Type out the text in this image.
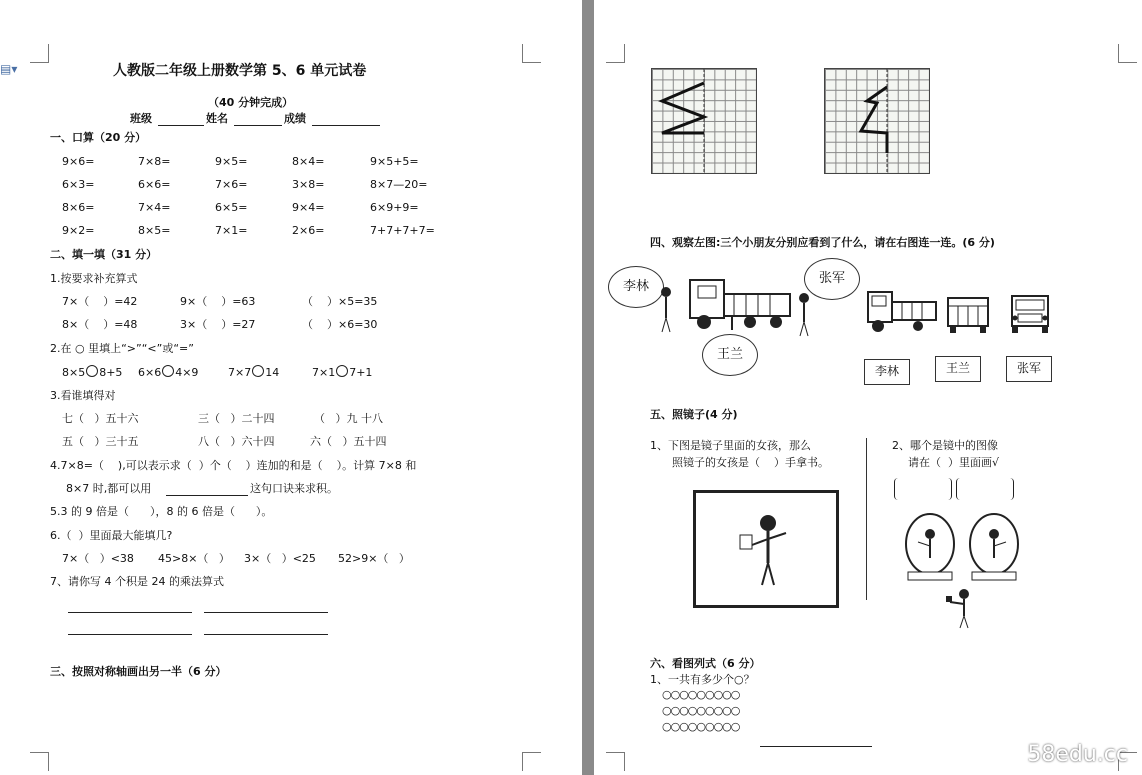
▤▾	人教版二年级上册数学第 5、6 单元试卷
（40 分钟完成）
班级	姓名	成绩
一、口算（20 分）
9×6=	7×8=	9×5=	8×4=	9×5+5=
6×3=	6×6=	7×6=	3×8=	8×7—20=
8×6=	7×4=	6×5=	9×4=	6×9+9=
9×2=	8×5=	7×1=	2×6=	7+7+7+7=
二、填一填（31 分）
1.按要求补充算式
7×（    ）=42	9×（    ）=63	（    ）×5=35
8×（    ）=48	3×（    ）=27	（    ）×6=30
2.在 ○ 里填上“>”“<”或“=”
8×5 8+5 6×6 4×9	7×7 14	7×1 7+1
3.看谁填得对
七（   ）五十六	三（   ）二十四	（   ）九 十八
五（   ）三十五	八（   ）六十四	六（   ）五十四
4.7×8=（    ),可以表示求（  ）个（    ）连加的和是（    ）。计算 7×8 和
8×7 时,都可以用	这句口诀来求积。
5.3 的 9 倍是（      ），8 的 6 倍是（      ）。
6.（  ）里面最大能填几?
7×（   ）<38 45>8×（   ） 3×（   ）<25 52>9×（   ）
7、请你写 4 个积是 24 的乘法算式
三、按照对称轴画出另一半（6 分）
四、观察左图:三个小朋友分别应看到了什么，请在右图连一连。(6 分)
李林
张军
王兰
李林	王兰	张军
五、照镜子(4 分)
1、下图是镜子里面的女孩，那么
照镜子的女孩是（    ）手拿书。
2、哪个是镜中的图像
请在（  ）里面画√
六、看图列式（6 分）
1、一共有多少个○？
○○○○○○○○○
○○○○○○○○○
○○○○○○○○○
58edu.cc
